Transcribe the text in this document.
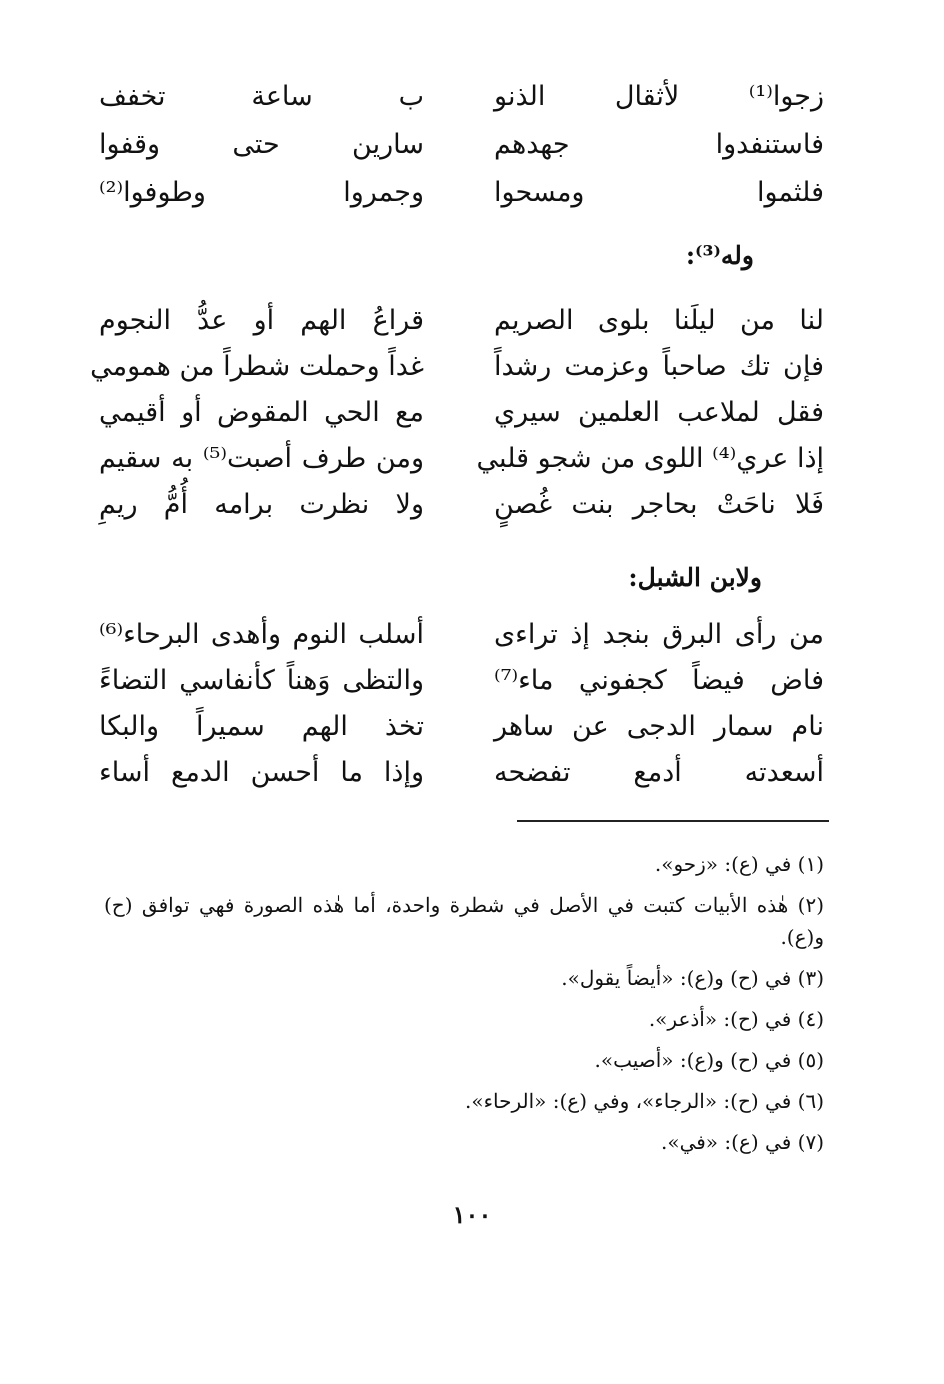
زجوا⁽¹⁾ لأثقال الذنو
ب ساعة تخفف
فاستنفدوا جهدهم
سارين حتى وقفوا
فلثموا ومسحوا
وجمروا وطوفوا⁽²⁾
وله⁽³⁾:
لنا من ليلَنا بلوى الصريم
قراعُ الهم أو عدُّ النجوم
فإن تك صاحباً وعزمت رشداً
غداً وحملت شطراً من همومي
فقل لملاعب العلمين سيري
مع الحي المقوض أو أقيمي
إذا عري⁽⁴⁾ اللوى من شجو قلبي
ومن طرف أصبت⁽⁵⁾ به سقيم
فَلا ناحَتْ بحاجر بنت غُصنٍ
ولا نظرت برامه أُمُّ ريمِ
ولابن الشبل:
من رأى البرق بنجد إذ تراءى
أسلب النوم وأهدى البرحاء⁽⁶⁾
فاض فيضاً كجفوني ماء⁽⁷⁾
والتظى وَهناً كأنفاسي التضاءً
نام سمار الدجى عن ساهر
تخذ الهم سميراً والبكا
أسعدته أدمع تفضحه
وإذا ما أحسن الدمع أساء
(١) في (ع): «زحو».
(٢) هٰذه الأبيات كتبت في الأصل في شطرة واحدة، أما هٰذه الصورة فهي توافق (ح) و(ع).
(٣) في (ح) و(ع): «أيضاً يقول».
(٤) في (ح): «أذعر».
(٥) في (ح) و(ع): «أصيب».
(٦) في (ح): «الرجاء»، وفي (ع): «الرحاء».
(٧) في (ع): «في».
١٠٠
